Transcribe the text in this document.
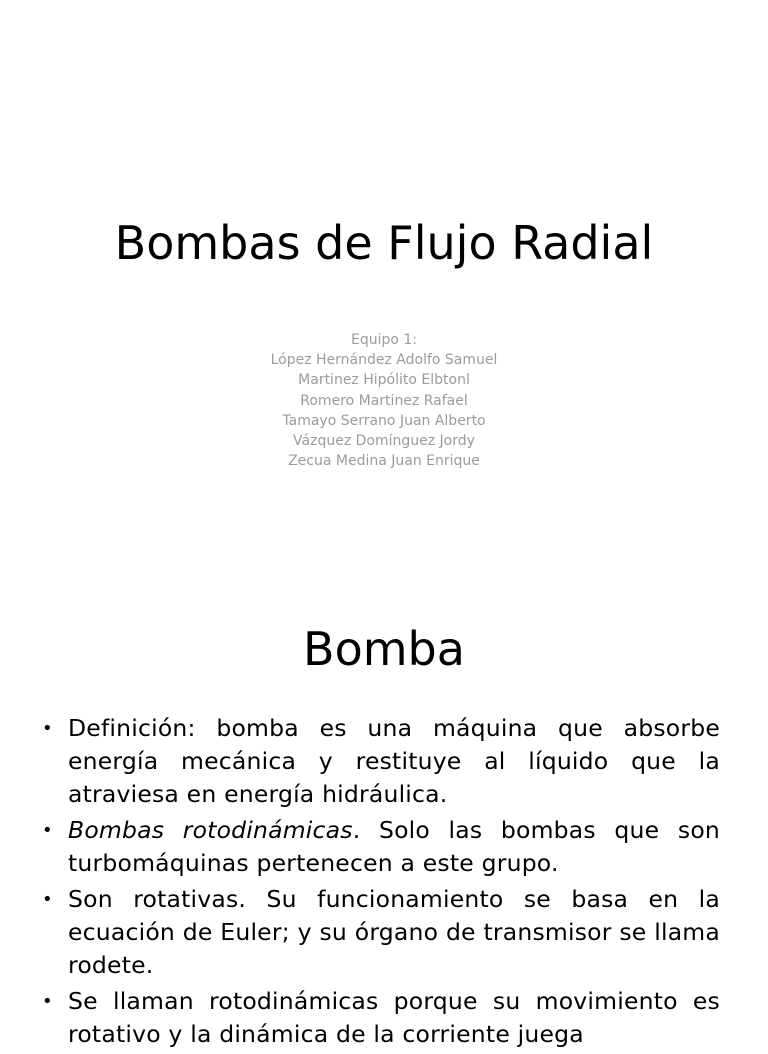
Bombas de Flujo Radial
Equipo 1:
López Hernández Adolfo Samuel
Martinez Hipólito Elbtonl
Romero Martinez Rafael
Tamayo Serrano Juan Alberto
Vázquez Domínguez Jordy
Zecua Medina Juan Enrique
Bomba
• Definición: bomba es una máquina que absorbe energía mecánica y restituye al líquido que la atraviesa en energía hidráulica.
• Bombas rotodinámicas. Solo las bombas que son turbomáquinas pertenecen a este grupo.
• Son rotativas. Su funcionamiento se basa en la ecuación de Euler; y su órgano de transmisor se llama rodete.
• Se llaman rotodinámicas porque su movimiento es rotativo y la dinámica de la corriente juega
